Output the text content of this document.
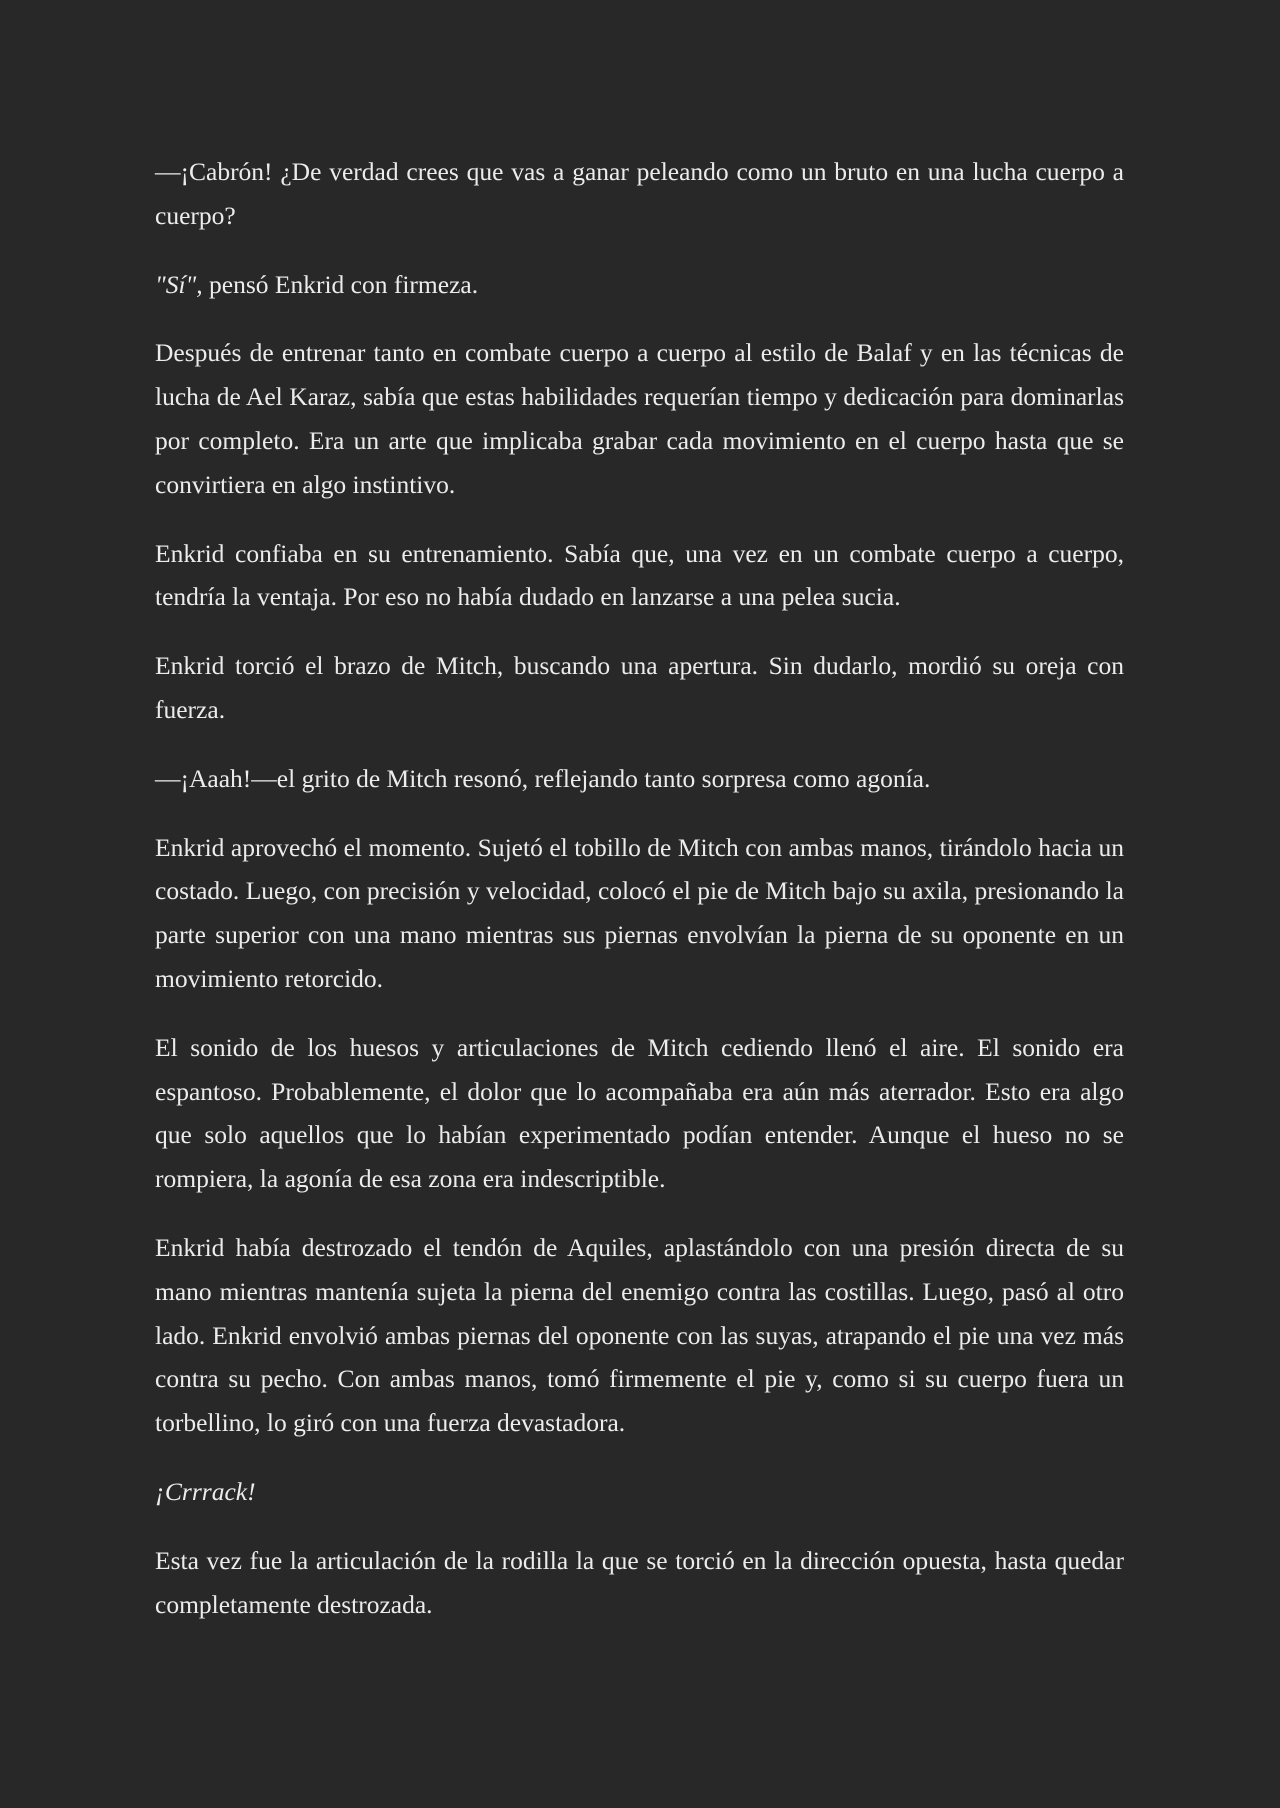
—¡Cabrón! ¿De verdad crees que vas a ganar peleando como un bruto en una lucha cuerpo a cuerpo?

"Sí", pensó Enkrid con firmeza.

Después de entrenar tanto en combate cuerpo a cuerpo al estilo de Balaf y en las técnicas de lucha de Ael Karaz, sabía que estas habilidades requerían tiempo y dedicación para dominarlas por completo. Era un arte que implicaba grabar cada movimiento en el cuerpo hasta que se convirtiera en algo instintivo.

Enkrid confiaba en su entrenamiento. Sabía que, una vez en un combate cuerpo a cuerpo, tendría la ventaja. Por eso no había dudado en lanzarse a una pelea sucia.

Enkrid torció el brazo de Mitch, buscando una apertura. Sin dudarlo, mordió su oreja con fuerza.

—¡Aaah!—el grito de Mitch resonó, reflejando tanto sorpresa como agonía.

Enkrid aprovechó el momento. Sujetó el tobillo de Mitch con ambas manos, tirándolo hacia un costado. Luego, con precisión y velocidad, colocó el pie de Mitch bajo su axila, presionando la parte superior con una mano mientras sus piernas envolvían la pierna de su oponente en un movimiento retorcido.

El sonido de los huesos y articulaciones de Mitch cediendo llenó el aire. El sonido era espantoso. Probablemente, el dolor que lo acompañaba era aún más aterrador. Esto era algo que solo aquellos que lo habían experimentado podían entender. Aunque el hueso no se rompiera, la agonía de esa zona era indescriptible.

Enkrid había destrozado el tendón de Aquiles, aplastándolo con una presión directa de su mano mientras mantenía sujeta la pierna del enemigo contra las costillas. Luego, pasó al otro lado. Enkrid envolvió ambas piernas del oponente con las suyas, atrapando el pie una vez más contra su pecho. Con ambas manos, tomó firmemente el pie y, como si su cuerpo fuera un torbellino, lo giró con una fuerza devastadora.

¡Crrrack!

Esta vez fue la articulación de la rodilla la que se torció en la dirección opuesta, hasta quedar completamente destrozada.
